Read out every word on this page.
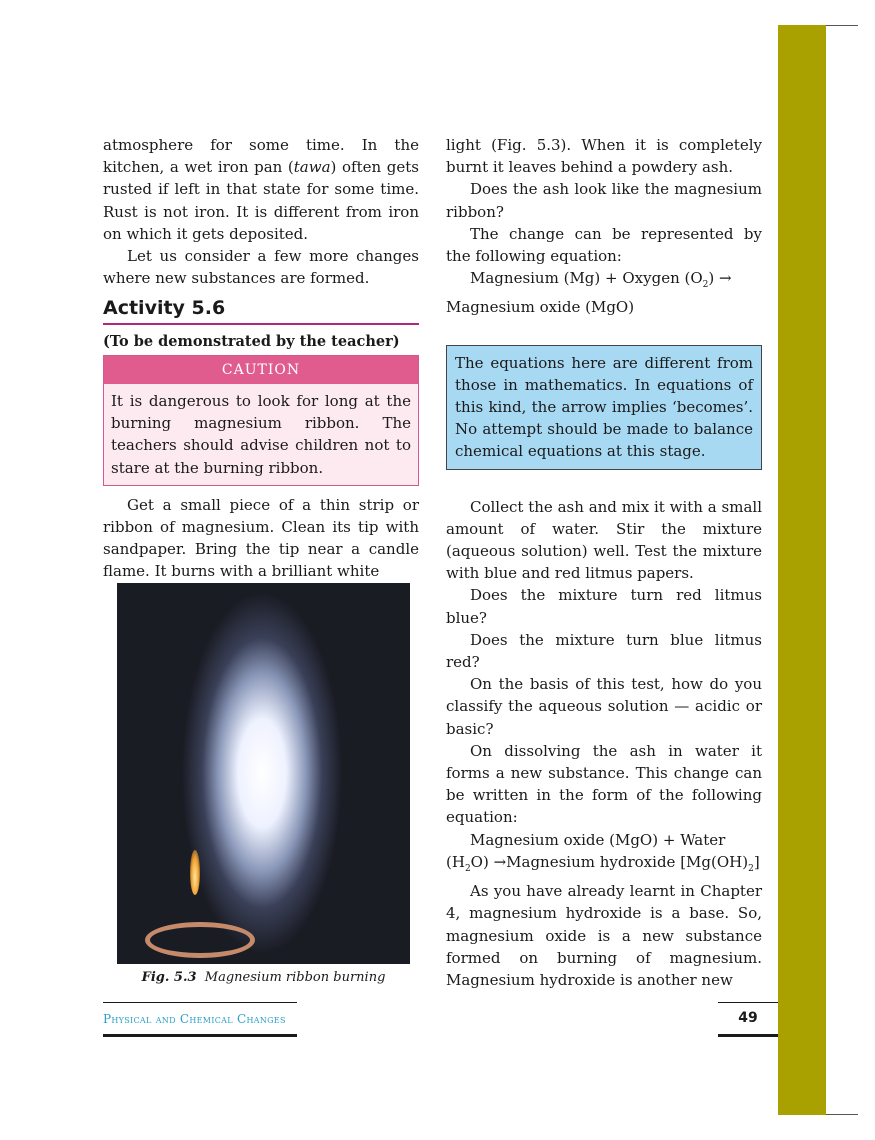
atmosphere for some time. In the kitchen, a wet iron pan (tawa) often gets rusted if left in that state for some time. Rust is not iron. It is different from iron on which it gets deposited.

Let us consider a few more changes where new substances are formed.

Activity 5.6
(To be demonstrated by the teacher)
CAUTION

It is dangerous to look for long at the burning magnesium ribbon. The teachers should advise children not to stare at the burning ribbon.

Get a small piece of a thin strip or ribbon of magnesium. Clean its tip with sandpaper. Bring the tip near a candle flame. It burns with a brilliant white

Fig. 5.3 Magnesium ribbon burning

light (Fig. 5.3). When it is completely burnt it leaves behind a powdery ash.

Does the ash look like the magnesium ribbon?

The change can be represented by the following equation:

Magnesium (Mg) + Oxygen $(O_2)$ →

Magnesium oxide (MgO)

The equations here are different from those in mathematics. In equations of this kind, the arrow implies ‘becomes’. No attempt should be made to balance chemical equations at this stage.

Collect the ash and mix it with a small amount of water. Stir the mixture (aqueous solution) well. Test the mixture with blue and red litmus papers.

Does the mixture turn red litmus blue?

Does the mixture turn blue litmus red?

On the basis of this test, how do you classify the aqueous solution — acidic or basic?

On dissolving the ash in water it forms a new substance. This change can be written in the form of the following equation:

Magnesium oxide (MgO) + Water

$(H_2O)$ →Magnesium hydroxide $[Mg(OH)_2]$

As you have already learnt in Chapter 4, magnesium hydroxide is a base. So, magnesium oxide is a new substance formed on burning of magnesium. Magnesium hydroxide is another new

Physical and Chemical Changes	49
